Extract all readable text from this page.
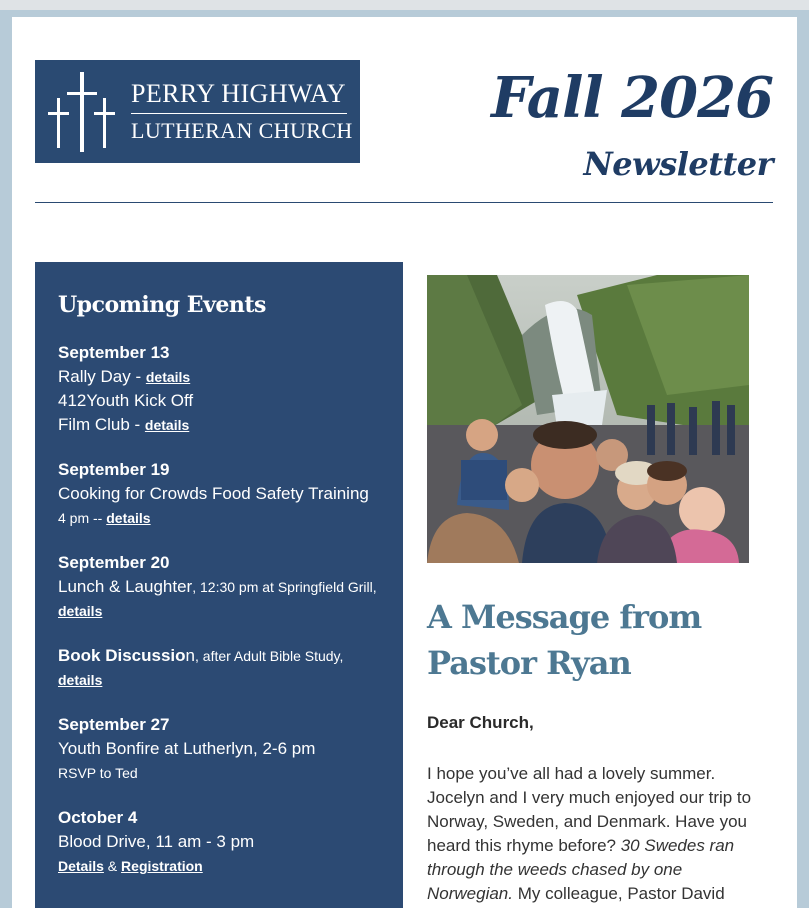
PERRY HIGHWAY
LUTHERAN CHURCH Fall 2026
Newsletter
Upcoming Events
September 13
Rally Day - details
412Youth Kick Off
Film Club - details
September 19
Cooking for Crowds Food Safety Training
4 pm -- details
September 20
Lunch & Laughter, 12:30 pm at Springfield Grill,
details
Book Discussion, after Adult Bible Study,
details
September 27
Youth Bonfire at Lutherlyn, 2-6 pm
RSVP to Ted
October 4
Blood Drive, 11 am - 3 pm
Details & Registration
A Message from
Pastor Ryan
Dear Church,
I hope you’ve all had a lovely summer. Jocelyn and I very much enjoyed our trip to Norway, Sweden, and Denmark. Have you heard this rhyme before? 30 Swedes ran through the weeds chased by one Norwegian. My colleague, Pastor David
